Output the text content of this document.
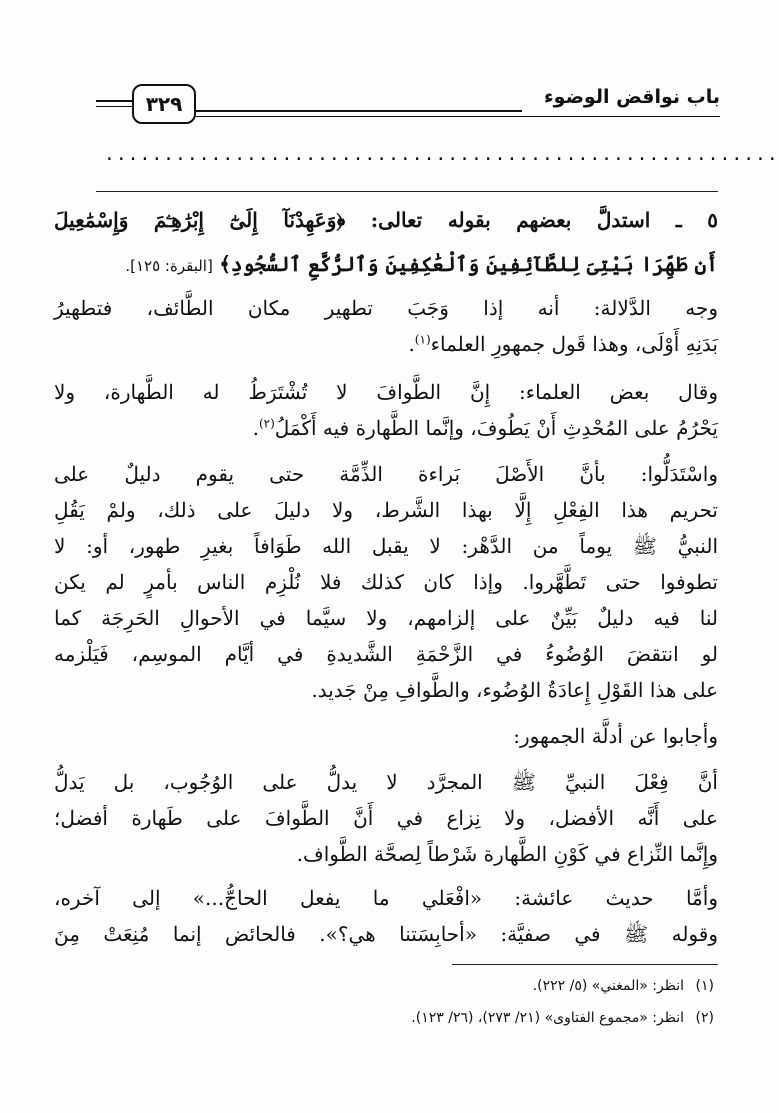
باب نواقض الوضوء
٣٢٩
.........................................................
٥ ـ استدلَّ بعضهم بقوله تعالى: ﴿وَعَهِدْنَآ إِلَىٰٓ إِبْرَٰهِـۧمَ وَإِسْمَٰعِيلَ
أَن طَهِّرَا بَيْتِىَ لِلطَّآئِفِينَ وَٱلْعَٰكِفِينَ وَٱلرُّكَّعِ ٱلسُّجُودِ﴾ [البقرة: ١٢٥].
وجه الدَّلالة: أنه إذا وَجَبَ تطهير مكان الطَّائف، فتطهيرُ
بَدَنِهِ أَوْلَى، وهذا قَول جمهورِ العلماء$^{(١)}$.
وقال بعض العلماء: إِنَّ الطَّوافَ لا تُشْتَرَطُ له الطَّهارة، ولا
يَحْرُمُ على المُحْدِثِ أَنْ يَطُوفَ، وإنَّما الطَّهارة فيه أَكْمَلُ$^{(٢)}$.
واسْتَدَلُّوا: بأنَّ الأَصْلَ بَراءة الذِّمَّة حتى يقوم دليلٌ على
تحريم هذا الفِعْلِ إِلَّا بهذا الشَّرط، ولا دليلَ على ذلك، ولمْ يَقُلِ
النبيُّ ﷺ يوماً من الدَّهْر: لا يقبل الله طَوَافاً بغيرِ طهور، أو: لا
تطوفوا حتى تَطَّهَّروا. وإذا كان كذلك فلا نُلْزِم الناس بأمرٍ لم يكن
لنا فيه دليلٌ بَيِّنٌ على إلزامهم، ولا سيَّما في الأحوالِ الحَرِجَة كما
لو انتقضَ الوُضُوءُ في الزَّحْمَةِ الشَّديدةِ في أيَّام الموسِم، فَيَلْزمه
على هذا القَوْلِ إِعادَةُ الوُضُوء، والطَّوافِ مِنْ جَديد.
وأجابوا عن أدلَّة الجمهور:
أنَّ فِعْلَ النبيِّ ﷺ المجرَّد لا يدلُّ على الوُجُوب، بل يَدلُّ
على أَنَّه الأفضل، ولا نِزاع في أَنَّ الطَّوافَ على طَهارة أفضل؛
وإِنَّما النِّزاع في كَوْنِ الطَّهارة شَرْطاً لِصحَّة الطَّواف.
وأمَّا حديث عائشة: «افْعَلي ما يفعل الحاجُّ...» إلى آخره،
وقوله ﷺ في صفيَّة: «أحابِسَتنا هي؟». فالحائض إنما مُنِعَتْ مِنَ
(١)انظر: «المغني» (٥/ ٢٢٢).
(٢)انظر: «مجموع الفتاوى» (٢١/ ٢٧٣)، (٢٦/ ١٢٣).
